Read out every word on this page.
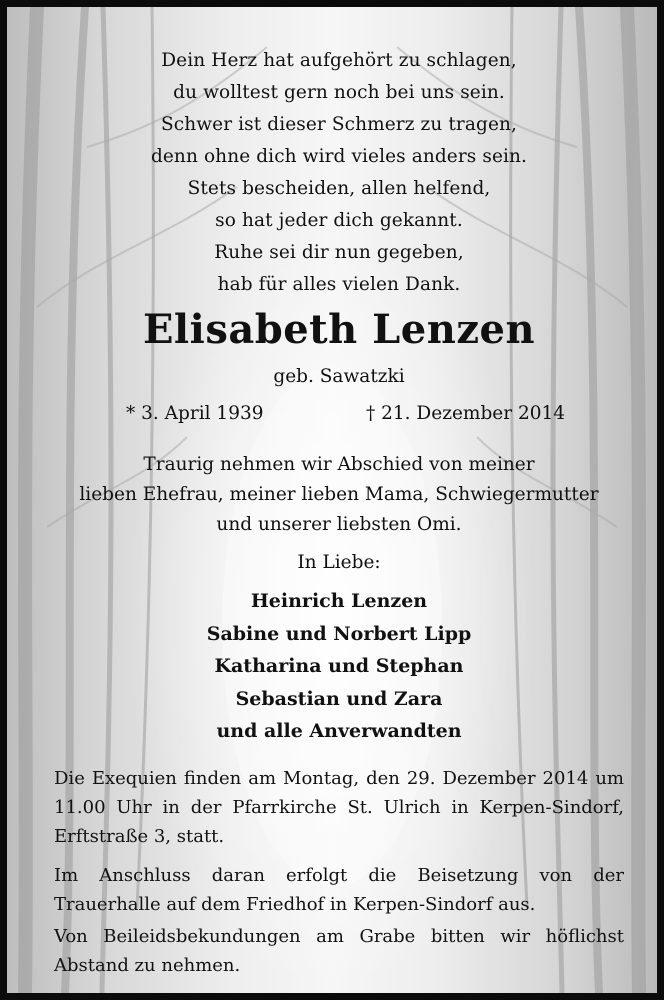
Dein Herz hat aufgehört zu schlagen,
du wolltest gern noch bei uns sein.
Schwer ist dieser Schmerz zu tragen,
denn ohne dich wird vieles anders sein.
Stets bescheiden, allen helfend,
so hat jeder dich gekannt.
Ruhe sei dir nun gegeben,
hab für alles vielen Dank.
Elisabeth Lenzen
geb. Sawatzki
* 3. April 1939	† 21. Dezember 2014
Traurig nehmen wir Abschied von meiner
lieben Ehefrau, meiner lieben Mama, Schwiegermutter
und unserer liebsten Omi.
In Liebe:
Heinrich Lenzen
Sabine und Norbert Lipp
Katharina und Stephan
Sebastian und Zara
und alle Anverwandten
Die Exequien finden am Montag, den 29. Dezember 2014 um 11.00 Uhr in der Pfarrkirche St. Ulrich in Kerpen-Sindorf, Erftstraße 3, statt.
Im Anschluss daran erfolgt die Beisetzung von der Trauerhalle auf dem Friedhof in Kerpen-Sindorf aus.
Von Beileidsbekundungen am Grabe bitten wir höflichst Abstand zu nehmen.
